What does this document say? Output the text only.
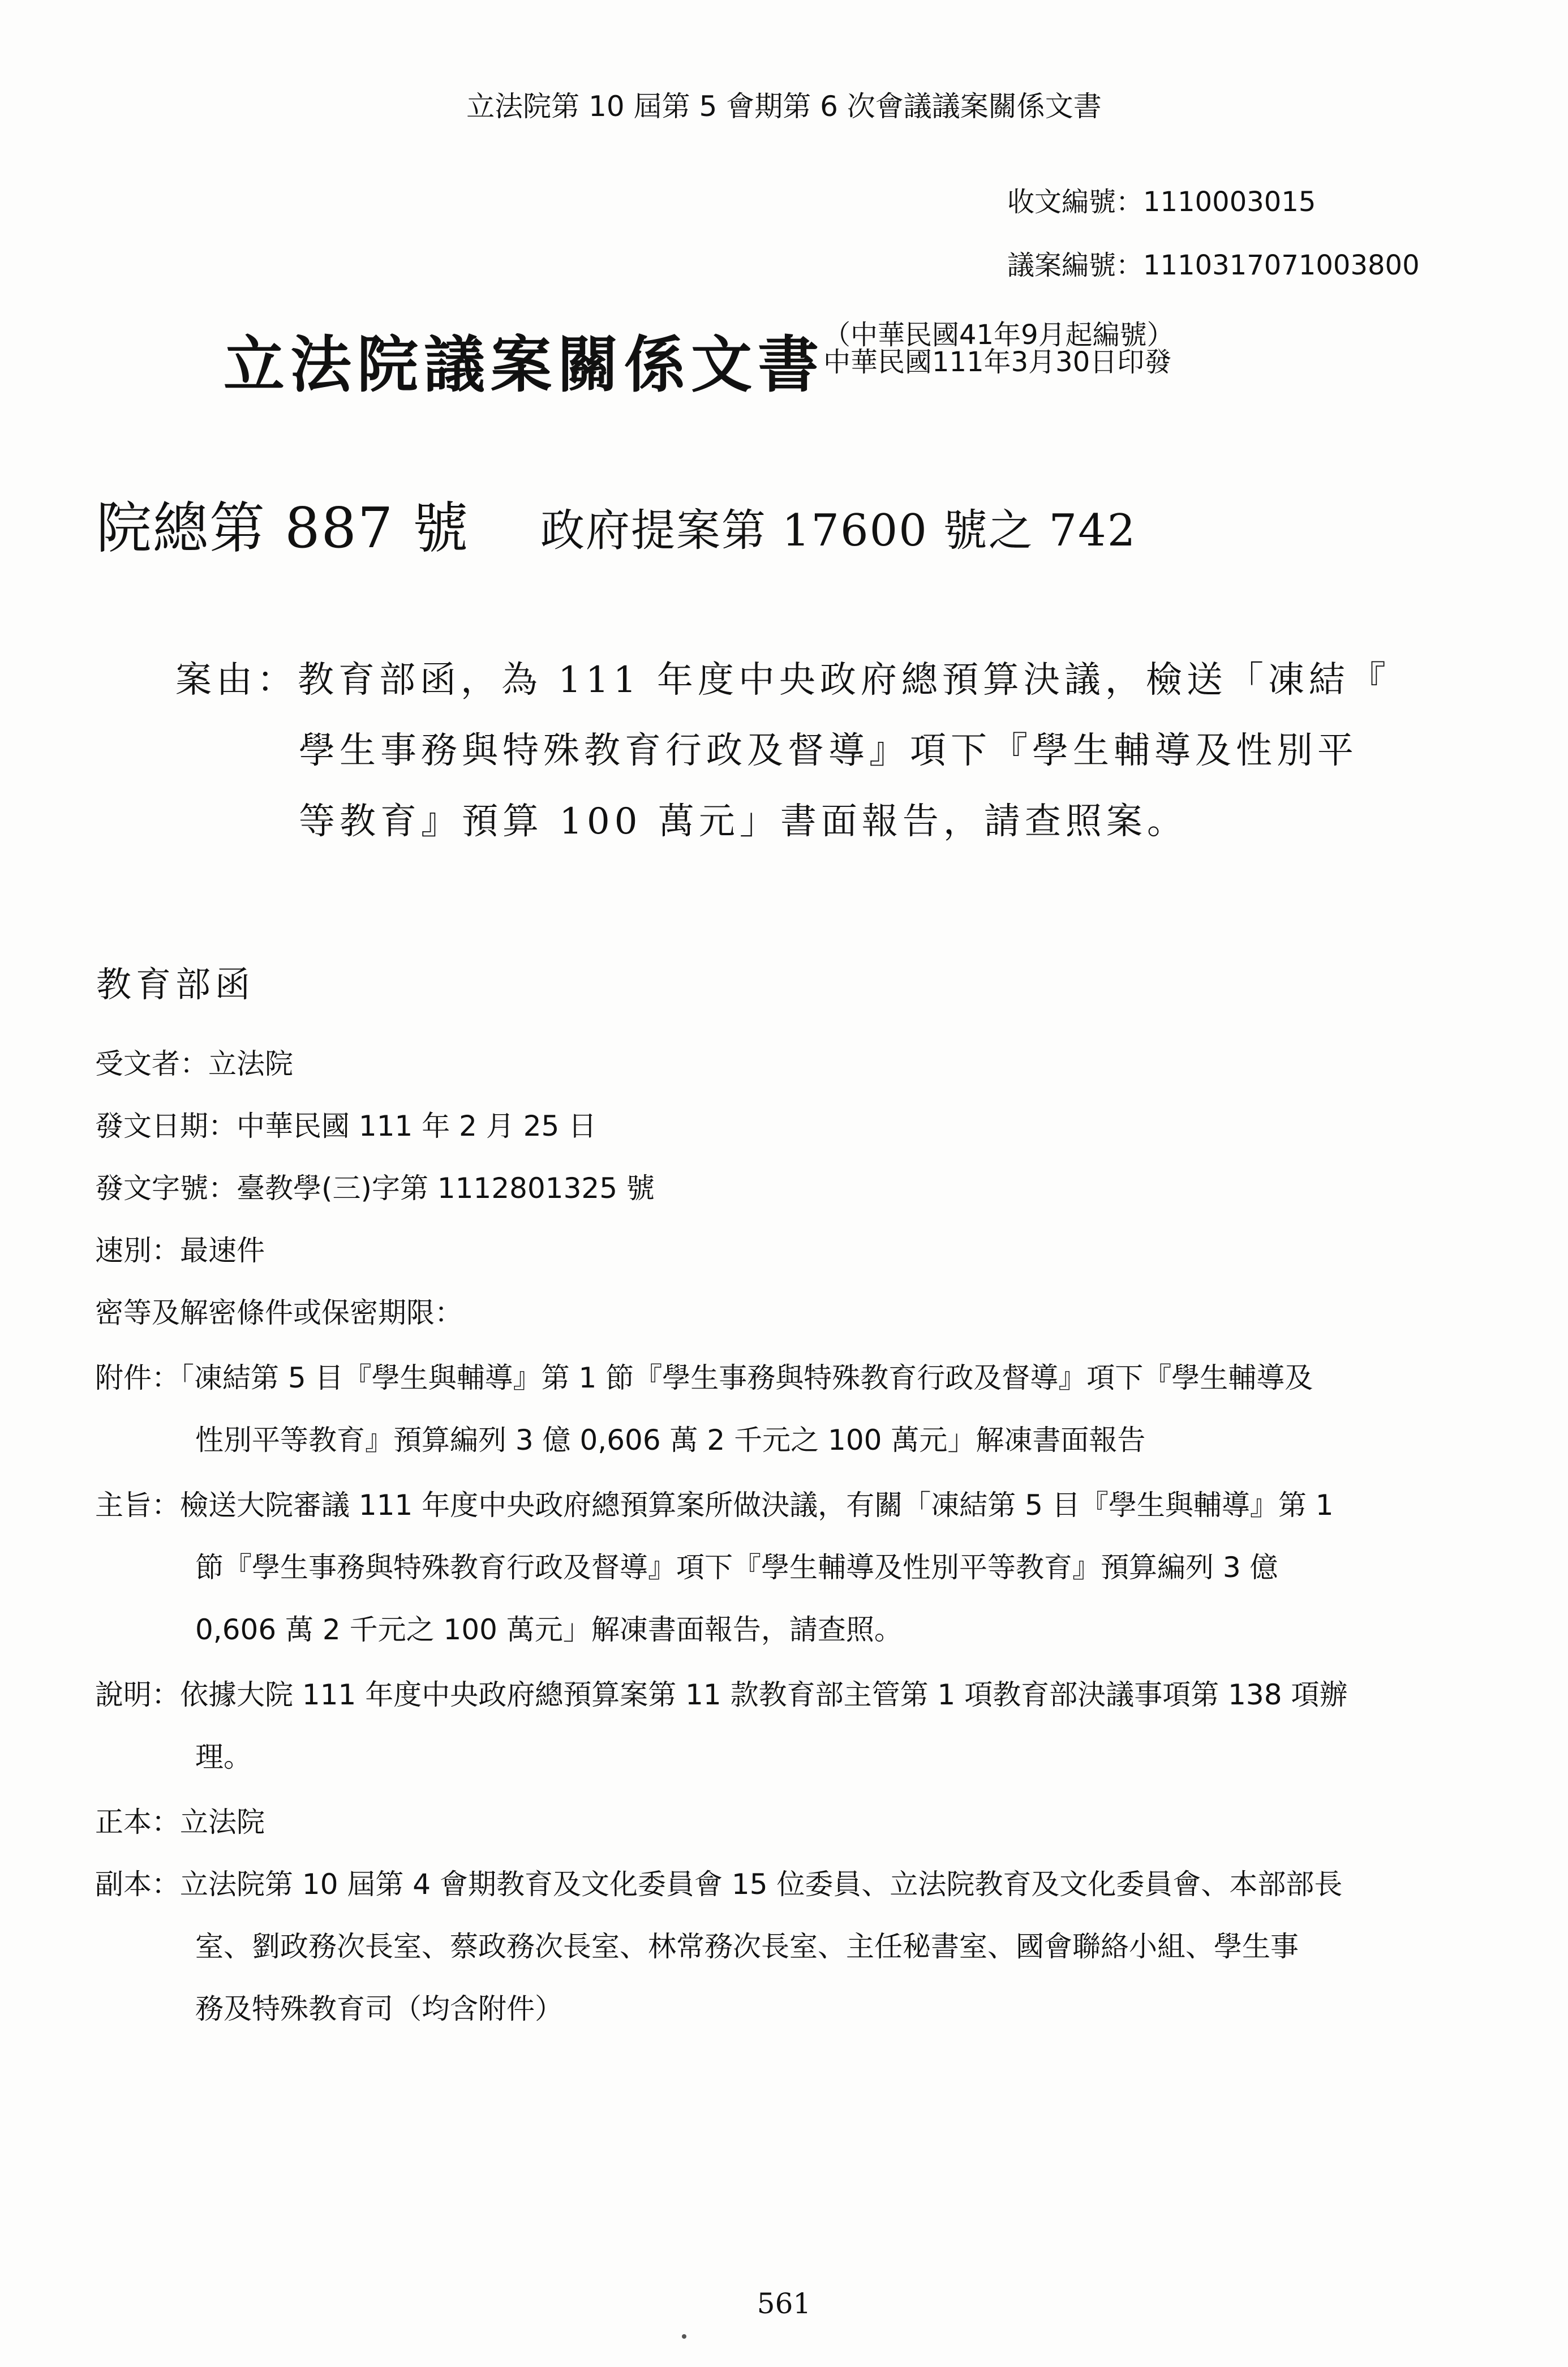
立法院第 10 屆第 5 會期第 6 次會議議案關係文書
收文編號：1110003015
議案編號：1110317071003800
立法院議案關係文書
（中華民國41年9月起編號）
中華民國111年3月30日印發
院總第 887 號 政府提案第 17600 號之 742
案由：教育部函，為 111 年度中央政府總預算決議，檢送「凍結『
學生事務與特殊教育行政及督導』項下『學生輔導及性別平
等教育』預算 100 萬元」書面報告，請查照案。
教育部函
受文者：立法院
發文日期：中華民國 111 年 2 月 25 日
發文字號：臺教學(三)字第 1112801325 號
速別：最速件
密等及解密條件或保密期限：
附件：「凍結第 5 目『學生與輔導』第 1 節『學生事務與特殊教育行政及督導』項下『學生輔導及
性別平等教育』預算編列 3 億 0,606 萬 2 千元之 100 萬元」解凍書面報告
主旨：檢送大院審議 111 年度中央政府總預算案所做決議，有關「凍結第 5 目『學生與輔導』第 1
節『學生事務與特殊教育行政及督導』項下『學生輔導及性別平等教育』預算編列 3 億
0,606 萬 2 千元之 100 萬元」解凍書面報告，請查照。
說明：依據大院 111 年度中央政府總預算案第 11 款教育部主管第 1 項教育部決議事項第 138 項辦
理。
正本：立法院
副本：立法院第 10 屆第 4 會期教育及文化委員會 15 位委員、立法院教育及文化委員會、本部部長
室、劉政務次長室、蔡政務次長室、林常務次長室、主任秘書室、國會聯絡小組、學生事
務及特殊教育司（均含附件）
561
